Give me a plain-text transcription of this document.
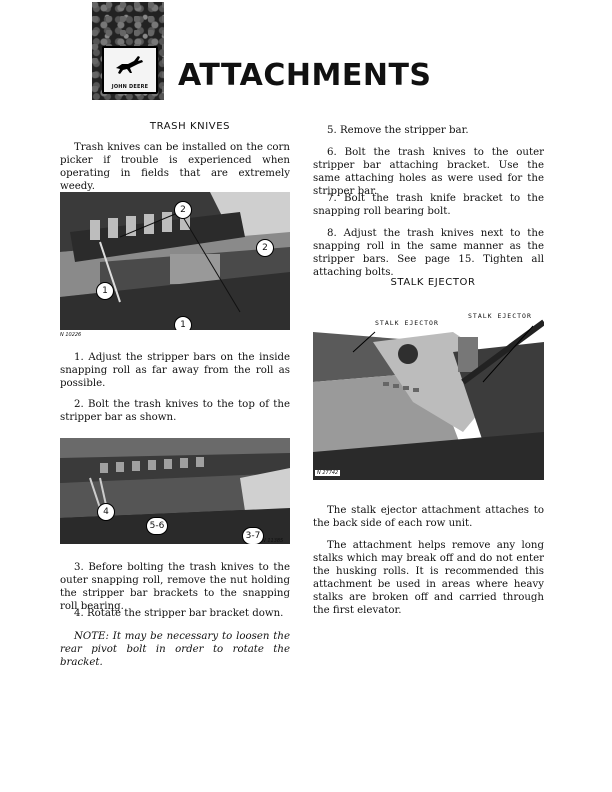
JOHN DEERE ATTACHMENTS
TRASH KNIVES

Trash knives can be installed on the corn picker if trouble is experienced when operating in fields that are extremely weedy.

2
2
1
1
N 10226

1. Adjust the stripper bars on the inside snapping roll as far away from the roll as possible.

2. Bolt the trash knives to the top of the stripper bar as shown.

4
5-6
3-7 N 11385

3. Before bolting the trash knives to the outer snapping roll, remove the nut holding the stripper bar brackets to the snapping roll bearing.

4. Rotate the stripper bar bracket down.

NOTE: It may be necessary to loosen the rear pivot bolt in order to rotate the bracket.

5. Remove the stripper bar.

6. Bolt the trash knives to the outer stripper bar attaching bracket. Use the same attaching holes as were used for the stripper bar.

7. Bolt the trash knife bracket to the snapping roll bearing bolt.

8. Adjust the trash knives next to the snapping roll in the same manner as the stripper bars. See page 15. Tighten all attaching bolts.

STALK EJECTOR
STALK EJECTOR
STALK EJECTOR
N 27742

The stalk ejector attachment attaches to the back side of each row unit.

The attachment helps remove any long stalks which may break off and do not enter the husking rolls. It is recommended this attachment be used in areas where heavy stalks are broken off and carried through the first elevator.
